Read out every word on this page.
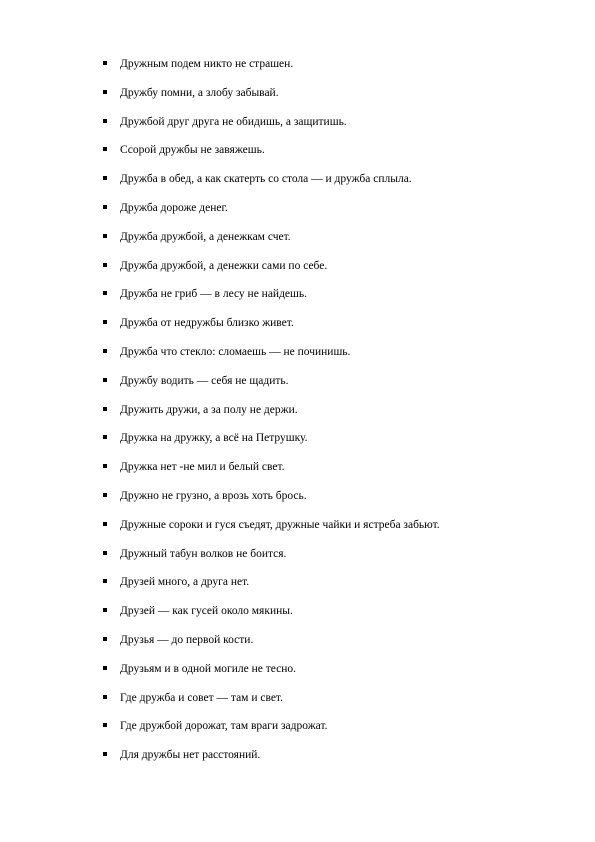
Дружным подем никто не страшен.
Дружбу помни, а злобу забывай.
Дружбой друг друга не обидишь, а защитишь.
Ссорой дружбы не завяжешь.
Дружба в обед, а как скатерть со стола — и дружба сплыла.
Дружба дороже денег.
Дружба дружбой, а денежкам счет.
Дружба дружбой, а денежки сами по себе.
Дружба не гриб — в лесу не найдешь.
Дружба от недружбы близко живет.
Дружба что стекло: сломаешь — не починишь.
Дружбу водить — себя не щадить.
Дружить дружи, а за полу не держи.
Дружка на дружку, а всё на Петрушку.
Дружка нет -не мил и белый свет.
Дружно не грузно, а врозь хоть брось.
Дружные сороки и гуся съедят, дружные чайки и ястреба забьют.
Дружный табун волков не боится.
Друзей много, а друга нет.
Друзей — как гусей около мякины.
Друзья — до первой кости.
Друзьям и в одной могиле не тесно.
Где дружба и совет — там и свет.
Где дружбой дорожат, там враги задрожат.
Для дружбы нет расстояний.
